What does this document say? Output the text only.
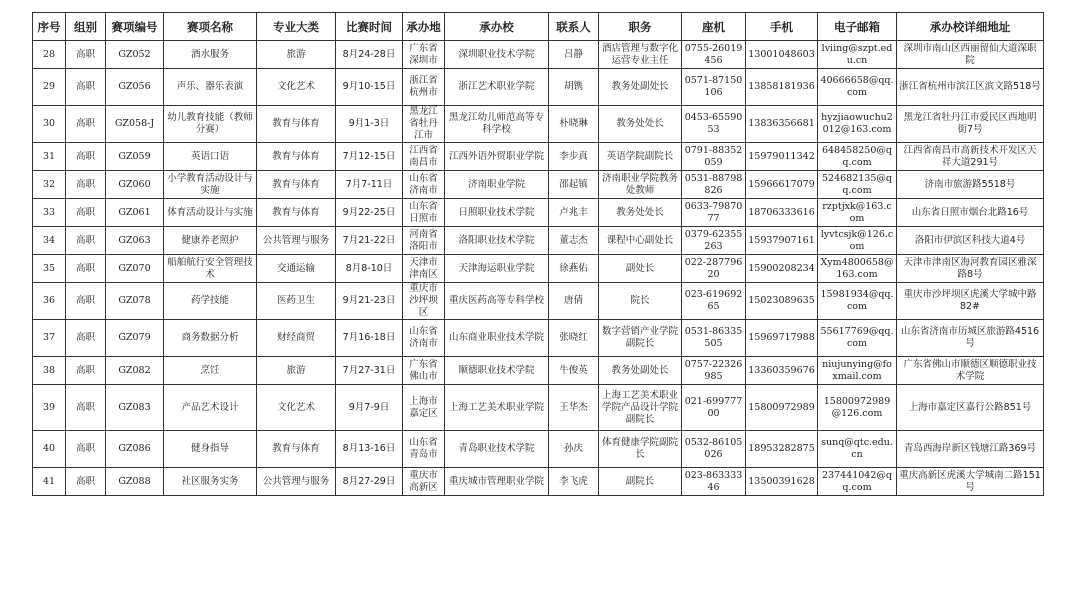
序号	组别	赛项编号	赛项名称	专业大类	比赛时间	承办地	承办校	联系人	职务	座机	手机	电子邮箱	承办校详细地址
28	高职	GZ052	酒水服务	旅游	8月24-28日	广东省深圳市	深圳职业技术学院	吕静	酒店管理与数字化运营专业主任	0755-26019456	13001048603	lviing@szpt.edu.cn	深圳市南山区西丽留仙大道深职院
29	高职	GZ056	声乐、器乐表演	文化艺术	9月10-15日	浙江省杭州市	浙江艺术职业学院	胡镌	教务处副处长	0571-87150106	13858181936	40666658@qq.com	浙江省杭州市滨江区滨文路518号
30	高职	GZ058-J	幼儿教育技能（教师分赛）	教育与体育	9月1-3日	黑龙江省牡丹江市	黑龙江幼儿师范高等专科学校	朴晓琳	教务处处长	0453-6559053	13836356681	hyzjiaowuchu2012@163.com	黑龙江省牡丹江市爱民区西地明街7号
31	高职	GZ059	英语口语	教育与体育	7月12-15日	江西省南昌市	江西外语外贸职业学院	李步真	英语学院副院长	0791-88352059	15979011342	648458250@qq.com	江西省南昌市高新技术开发区天祥大道291号
32	高职	GZ060	小学教育活动设计与实施	教育与体育	7月7-11日	山东省济南市	济南职业学院	邵起镇	济南职业学院教务处教师	0531-88798826	15966617079	524682135@qq.com	济南市旅游路5518号
33	高职	GZ061	体育活动设计与实施	教育与体育	9月22-25日	山东省日照市	日照职业技术学院	卢兆丰	教务处处长	0633-7987077	18706333616	rzptjxk@163.com	山东省日照市烟台北路16号
34	高职	GZ063	健康养老照护	公共管理与服务	7月21-22日	河南省洛阳市	洛阳职业技术学院	董志杰	课程中心副处长	0379-62355263	15937907161	lyvtcsjk@126.com	洛阳市伊滨区科技大道4号
35	高职	GZ070	船舶航行安全管理技术	交通运输	8月8-10日	天津市津南区	天津海运职业学院	徐燕佑	副处长	022-28779620	15900208234	Xym4800658@163.com	天津市津南区海河教育园区雅深路8号
36	高职	GZ078	药学技能	医药卫生	9月21-23日	重庆市沙坪坝区	重庆医药高等专科学校	唐倩	院长	023-61969265	15023089635	15981934@qq.com	重庆市沙坪坝区虎溪大学城中路82#
37	高职	GZ079	商务数据分析	财经商贸	7月16-18日	山东省济南市	山东商业职业技术学院	张晓红	数字营销产业学院副院长	0531-86335505	15969717988	55617769@qq.com	山东省济南市历城区旅游路4516号
38	高职	GZ082	烹饪	旅游	7月27-31日	广东省佛山市	顺德职业技术学院	牛俊英	教务处副处长	0757-22326985	13360359676	niujunying@foxmail.com	广东省佛山市顺德区顺德职业技术学院
39	高职	GZ083	产品艺术设计	文化艺术	9月7-9日	上海市嘉定区	上海工艺美术职业学院	王华杰	上海工艺美术职业学院产品设计学院副院长	021-69977700	15800972989	15800972989@126.com	上海市嘉定区嘉行公路851号
40	高职	GZ086	健身指导	教育与体育	8月13-16日	山东省青岛市	青岛职业技术学院	孙庆	体育健康学院副院长	0532-86105026	18953282875	sunq@qtc.edu.cn	青岛西海岸新区钱塘江路369号
41	高职	GZ088	社区服务实务	公共管理与服务	8月27-29日	重庆市高新区	重庆城市管理职业学院	李飞虎	副院长	023-86333346	13500391628	237441042@qq.com	重庆高新区虎溪大学城南二路151号
